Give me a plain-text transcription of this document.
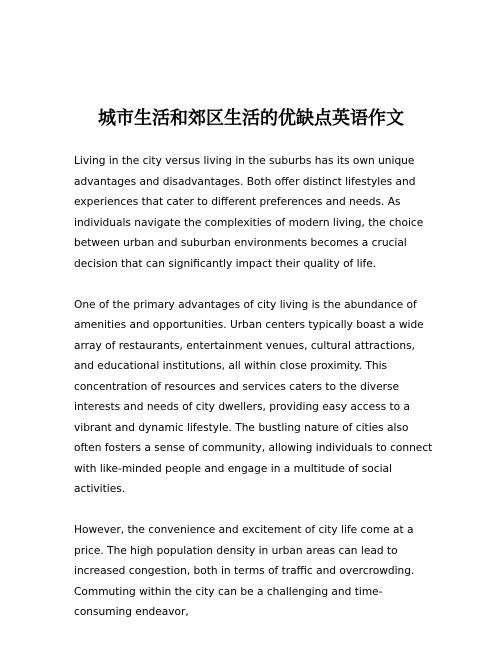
城市生活和郊区生活的优缺点英语作文

Living in the city versus living in the suburbs has its own unique advantages and disadvantages. Both offer distinct lifestyles and experiences that cater to different preferences and needs. As individuals navigate the complexities of modern living, the choice between urban and suburban environments becomes a crucial decision that can significantly impact their quality of life.

One of the primary advantages of city living is the abundance of amenities and opportunities. Urban centers typically boast a wide array of restaurants, entertainment venues, cultural attractions, and educational institutions, all within close proximity. This concentration of resources and services caters to the diverse interests and needs of city dwellers, providing easy access to a vibrant and dynamic lifestyle. The bustling nature of cities also often fosters a sense of community, allowing individuals to connect with like-minded people and engage in a multitude of social activities.

However, the convenience and excitement of city life come at a price. The high population density in urban areas can lead to increased congestion, both in terms of traffic and overcrowding. Commuting within the city can be a challenging and time-consuming endeavor,
